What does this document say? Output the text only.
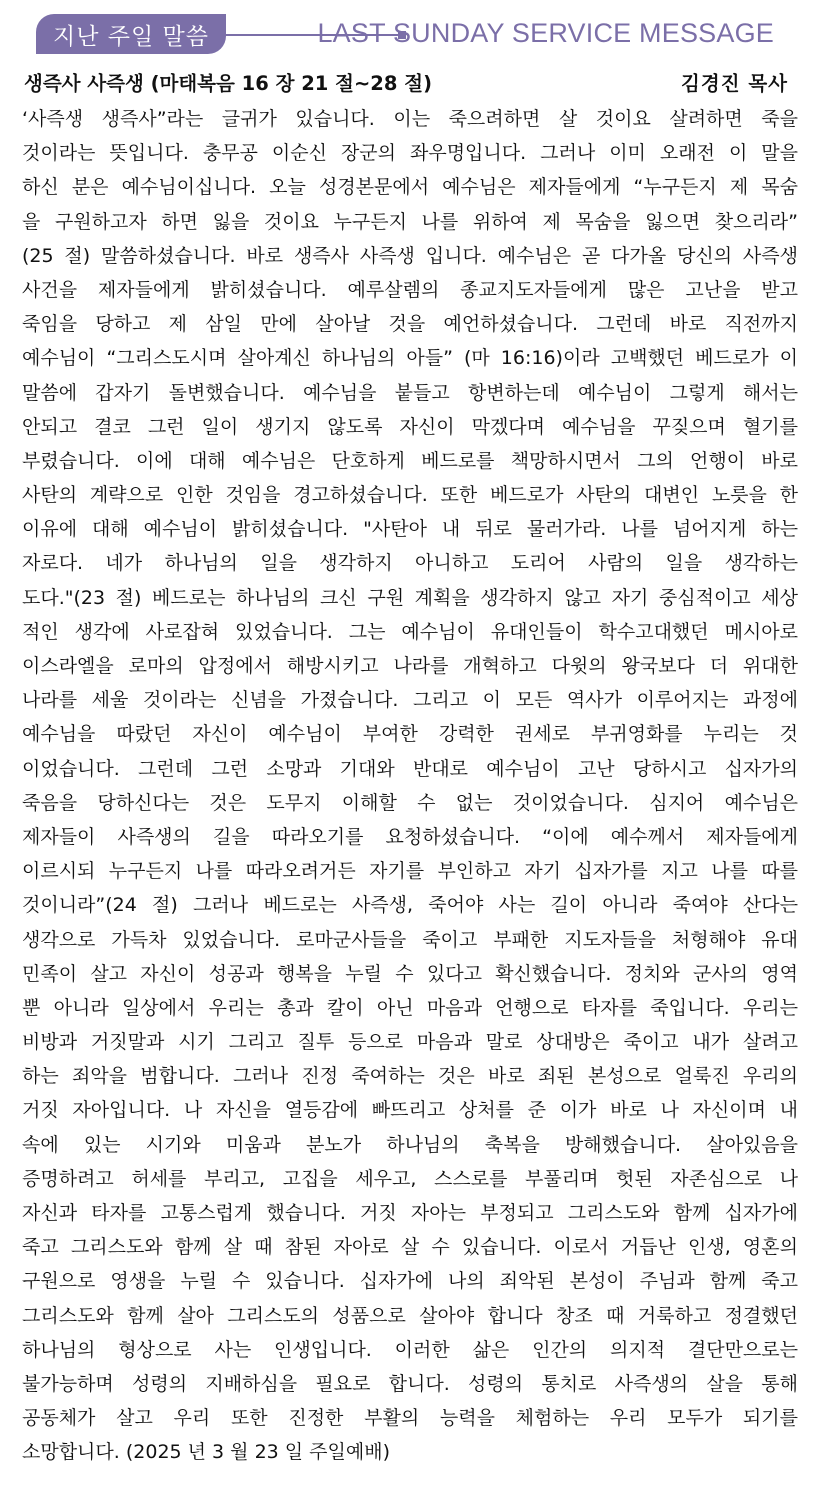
지난 주일 말씀	LAST SUNDAY SERVICE MESSAGE
생즉사 사즉생 (마태복음 16 장 21 절~28 절)	김경진 목사
‘사즉생 생즉사”라는 글귀가 있습니다. 이는 죽으려하면 살 것이요 살려하면 죽을
것이라는 뜻입니다. 충무공 이순신 장군의 좌우명입니다. 그러나 이미 오래전 이 말을
하신 분은 예수님이십니다. 오늘 성경본문에서 예수님은 제자들에게 “누구든지 제 목숨
을 구원하고자 하면 잃을 것이요 누구든지 나를 위하여 제 목숨을 잃으면 찾으리라”
(25 절) 말씀하셨습니다. 바로 생즉사 사즉생 입니다. 예수님은 곧 다가올 당신의 사즉생
사건을 제자들에게 밝히셨습니다. 예루살렘의 종교지도자들에게 많은 고난을 받고
죽임을 당하고 제 삼일 만에 살아날 것을 예언하셨습니다. 그런데 바로 직전까지
예수님이 “그리스도시며 살아계신 하나님의 아들” (마 16:16)이라 고백했던 베드로가 이
말씀에 갑자기 돌변했습니다. 예수님을 붙들고 항변하는데 예수님이 그렇게 해서는
안되고 결코 그런 일이 생기지 않도록 자신이 막겠다며 예수님을 꾸짖으며 혈기를
부렸습니다. 이에 대해 예수님은 단호하게 베드로를 책망하시면서 그의 언행이 바로
사탄의 계략으로 인한 것임을 경고하셨습니다. 또한 베드로가 사탄의 대변인 노릇을 한
이유에 대해 예수님이 밝히셨습니다. "사탄아 내 뒤로 물러가라. 나를 넘어지게 하는
자로다. 네가 하나님의 일을 생각하지 아니하고 도리어 사람의 일을 생각하는
도다."(23 절) 베드로는 하나님의 크신 구원 계획을 생각하지 않고 자기 중심적이고 세상
적인 생각에 사로잡혀 있었습니다. 그는 예수님이 유대인들이 학수고대했던 메시아로
이스라엘을 로마의 압정에서 해방시키고 나라를 개혁하고 다윗의 왕국보다 더 위대한
나라를 세울 것이라는 신념을 가졌습니다. 그리고 이 모든 역사가 이루어지는 과정에
예수님을 따랐던 자신이 예수님이 부여한 강력한 권세로 부귀영화를 누리는 것
이었습니다. 그런데 그런 소망과 기대와 반대로 예수님이 고난 당하시고 십자가의
죽음을 당하신다는 것은 도무지 이해할 수 없는 것이었습니다. 심지어 예수님은
제자들이 사즉생의 길을 따라오기를 요청하셨습니다. “이에 예수께서 제자들에게
이르시되 누구든지 나를 따라오려거든 자기를 부인하고 자기 십자가를 지고 나를 따를
것이니라”(24 절) 그러나 베드로는 사즉생, 죽어야 사는 길이 아니라 죽여야 산다는
생각으로 가득차 있었습니다. 로마군사들을 죽이고 부패한 지도자들을 처형해야 유대
민족이 살고 자신이 성공과 행복을 누릴 수 있다고 확신했습니다. 정치와 군사의 영역
뿐 아니라 일상에서 우리는 총과 칼이 아닌 마음과 언행으로 타자를 죽입니다. 우리는
비방과 거짓말과 시기 그리고 질투 등으로 마음과 말로 상대방은 죽이고 내가 살려고
하는 죄악을 범합니다. 그러나 진정 죽여하는 것은 바로 죄된 본성으로 얼룩진 우리의
거짓 자아입니다. 나 자신을 열등감에 빠뜨리고 상처를 준 이가 바로 나 자신이며 내
속에 있는 시기와 미움과 분노가 하나님의 축복을 방해했습니다. 살아있음을
증명하려고 허세를 부리고, 고집을 세우고, 스스로를 부풀리며 헛된 자존심으로 나
자신과 타자를 고통스럽게 했습니다. 거짓 자아는 부정되고 그리스도와 함께 십자가에
죽고 그리스도와 함께 살 때 참된 자아로 살 수 있습니다. 이로서 거듭난 인생, 영혼의
구원으로 영생을 누릴 수 있습니다. 십자가에 나의 죄악된 본성이 주님과 함께 죽고
그리스도와 함께 살아 그리스도의 성품으로 살아야 합니다 창조 때 거룩하고 정결했던
하나님의 형상으로 사는 인생입니다. 이러한 삶은 인간의 의지적 결단만으로는
불가능하며 성령의 지배하심을 필요로 합니다. 성령의 통치로 사즉생의 살을 통해
공동체가 살고 우리 또한 진정한 부활의 능력을 체험하는 우리 모두가 되기를
소망합니다. (2025 년 3 월 23 일 주일예배)
